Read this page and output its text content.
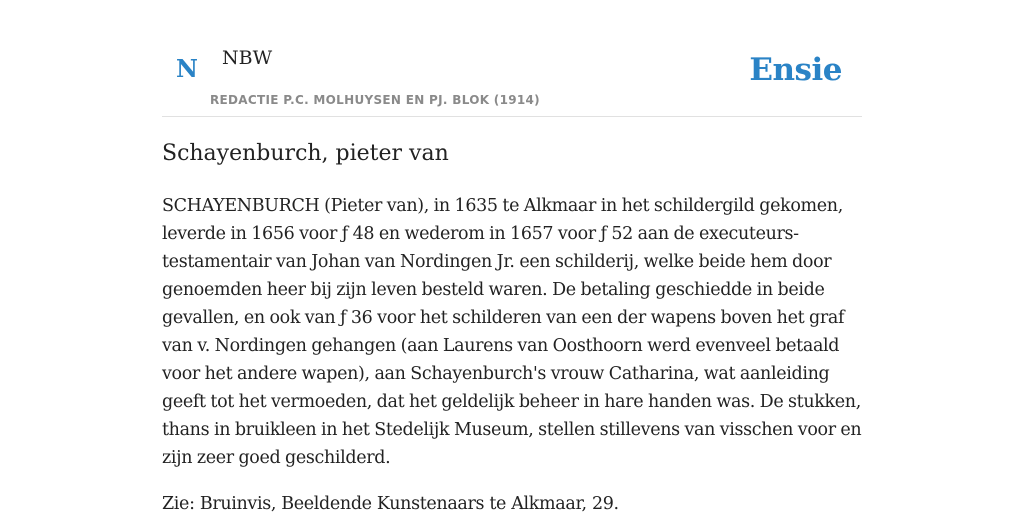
N NBW
REDACTIE P.C. MOLHUYSEN EN PJ. BLOK (1914)
Ensie
Schayenburch, pieter van

SCHAYENBURCH (Pieter van), in 1635 te Alkmaar in het schildergild gekomen, leverde in 1656 voor ƒ 48 en wederom in 1657 voor ƒ 52 aan de executeurs-testamentair van Johan van Nordingen Jr. een schilderij, welke beide hem door genoemden heer bij zijn leven besteld waren. De betaling geschiedde in beide gevallen, en ook van ƒ 36 voor het schilderen van een der wapens boven het graf van v. Nordingen gehangen (aan Laurens van Oosthoorn werd evenveel betaald voor het andere wapen), aan Schayenburch's vrouw Catharina, wat aanleiding geeft tot het vermoeden, dat het geldelijk beheer in hare handen was. De stukken, thans in bruikleen in het Stedelijk Museum, stellen stillevens van visschen voor en zijn zeer goed geschilderd.

Zie: Bruinvis, Beeldende Kunstenaars te Alkmaar, 29.
